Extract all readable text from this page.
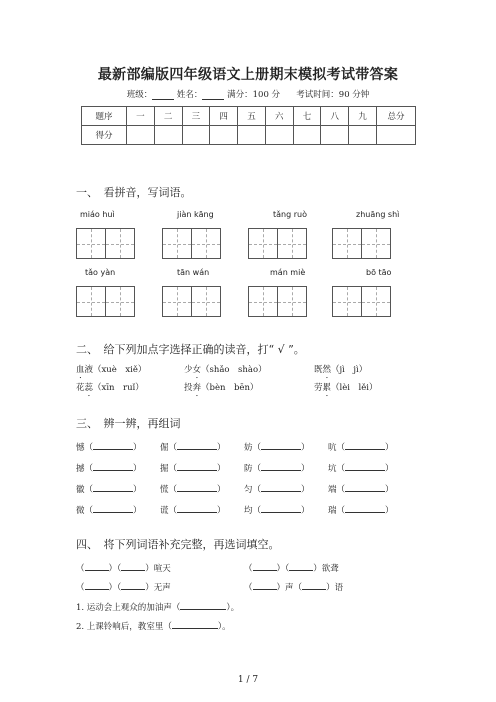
最新部编版四年级语文上册期末模拟考试带答案
班级：	姓名：	满分：100 分 考试时间：90 分钟
题序	一	二	三	四	五	六	七	八	九	总分
得分										
一、　看拼音，写词语。
miáo huì	jiàn kāng	tǎng ruò	zhuāng shì
tǎo yàn	tān wán	mán miè	bō tāo
二、　给下列加点字选择正确的读音，打“ √ ”。
血液（xuè　xiě）	少女（shǎo　shào）	既然（jì　jì）
花蕊（xīn　ruǐ）	投奔（bèn　bēn）	劳累（lèi　lěi）
三、　辨一辨，再组词
憾（	） 倔（	） 妨（	） 吭（	）
撼（	） 掘（	） 防（	） 坑（	）
徽（	） 慌（	） 匀（	） 端（	）
微（	） 谎（	） 均（	） 瑞（	）
四、　将下列词语补充完整，再选词填空。
（	）（	）喧天	（	）（	）欲聋
（	）（	）无声	（	）声（	）语
1. 运动会上观众的加油声（	）。
2. 上课铃响后，教室里（	）。
1 / 7
